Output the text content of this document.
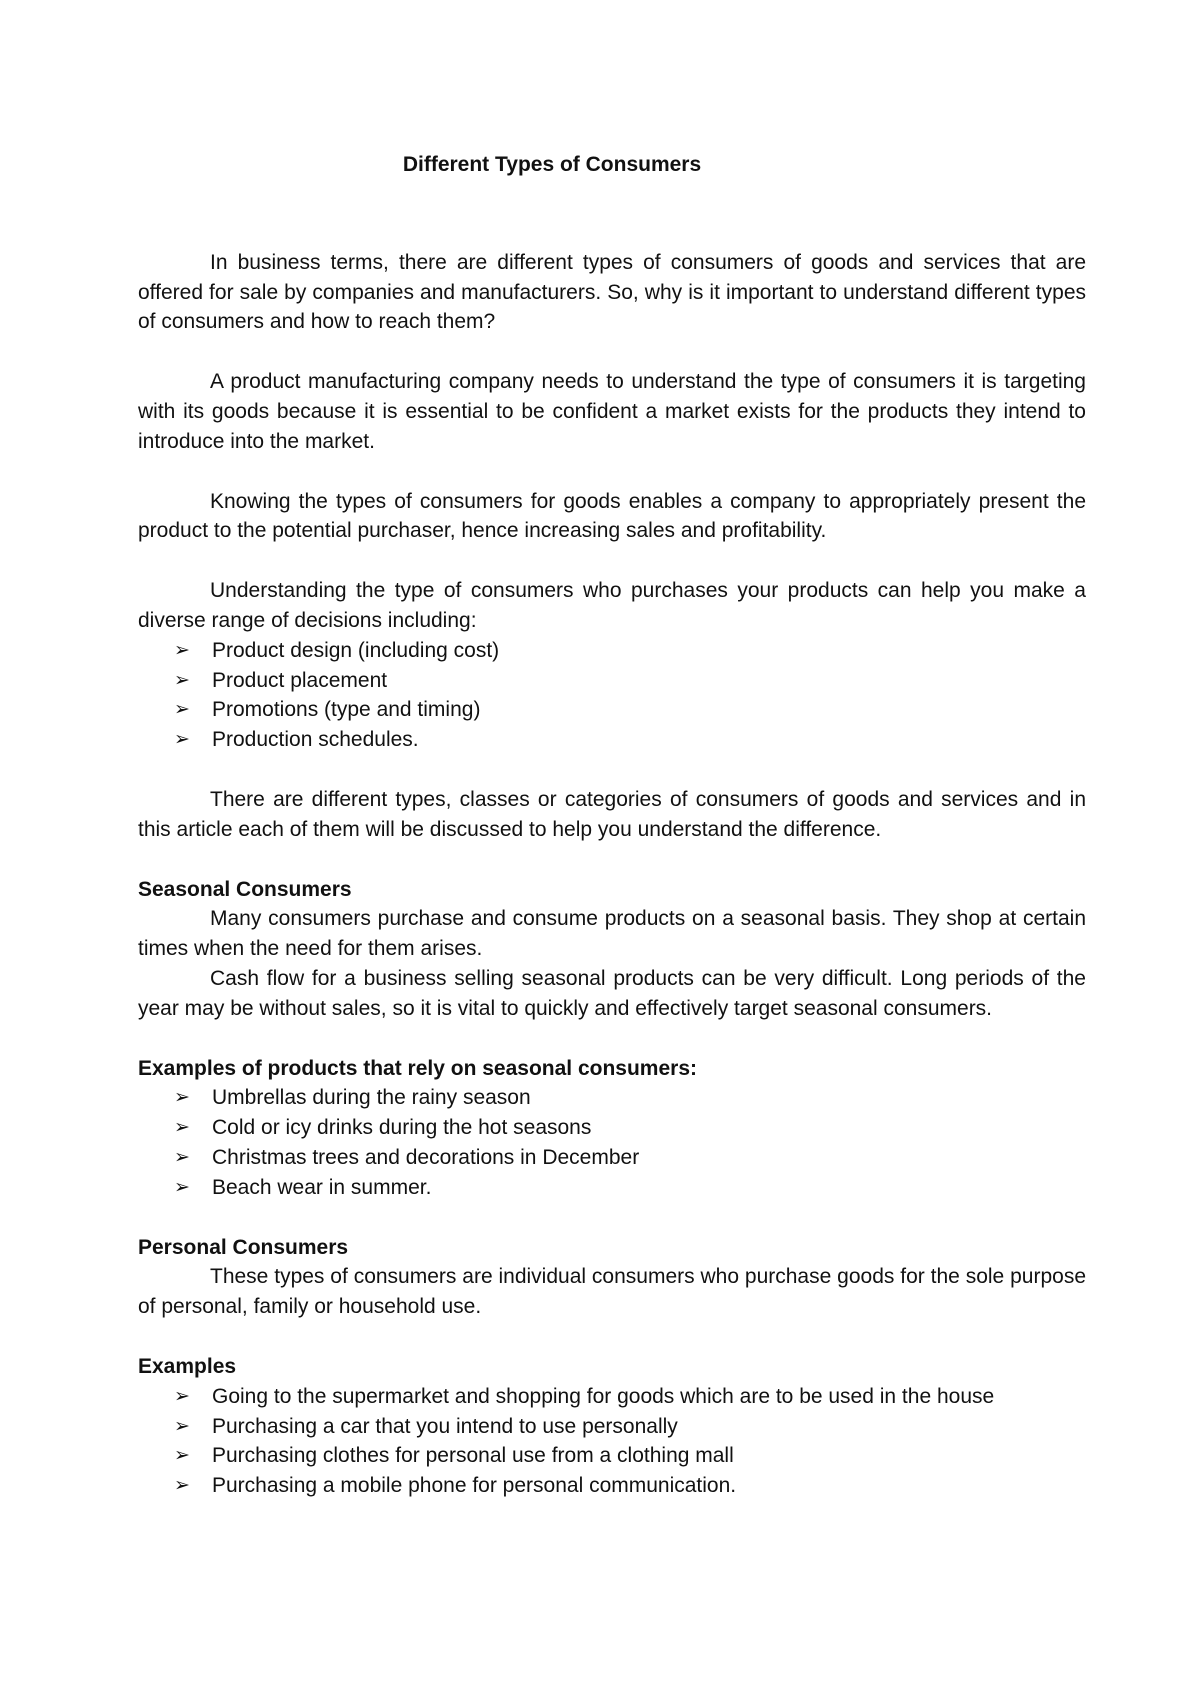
Different Types of Consumers

In business terms, there are different types of consumers of goods and services that are offered for sale by companies and manufacturers. So, why is it important to understand different types of consumers and how to reach them?

A product manufacturing company needs to understand the type of consumers it is targeting with its goods because it is essential to be confident a market exists for the products they intend to introduce into the market.

Knowing the types of consumers for goods enables a company to appropriately present the product to the potential purchaser, hence increasing sales and profitability.

Understanding the type of consumers who purchases your products can help you make a diverse range of decisions including:

➢	Product design (including cost)
➢	Product placement
➢	Promotions (type and timing)
➢	Production schedules.

There are different types, classes or categories of consumers of goods and services and in this article each of them will be discussed to help you understand the difference.

Seasonal Consumers

Many consumers purchase and consume products on a seasonal basis. They shop at certain times when the need for them arises.

Cash flow for a business selling seasonal products can be very difficult. Long periods of the year may be without sales, so it is vital to quickly and effectively target seasonal consumers.

Examples of products that rely on seasonal consumers:
➢	Umbrellas during the rainy season
➢	Cold or icy drinks during the hot seasons
➢	Christmas trees and decorations in December
➢	Beach wear in summer.
Personal Consumers

These types of consumers are individual consumers who purchase goods for the sole purpose of personal, family or household use.

Examples
➢	Going to the supermarket and shopping for goods which are to be used in the house
➢	Purchasing a car that you intend to use personally
➢	Purchasing clothes for personal use from a clothing mall
➢	Purchasing a mobile phone for personal communication.
